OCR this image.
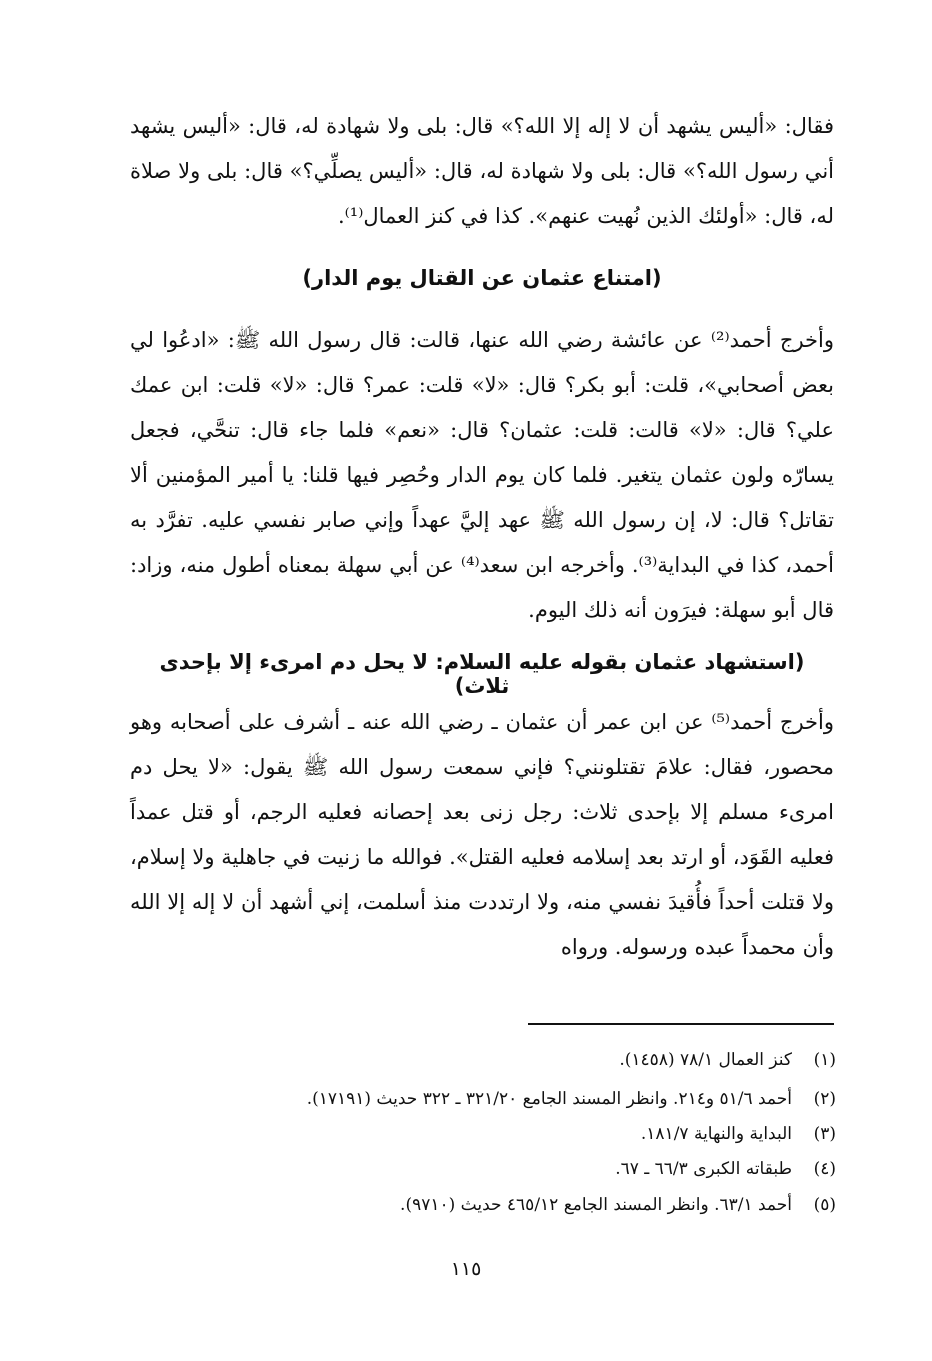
فقال: «أليس يشهد أن لا إله إلا الله؟» قال: بلى ولا شهادة له، قال: «أليس يشهد أني رسول الله؟» قال: بلى ولا شهادة له، قال: «أليس يصلِّي؟» قال: بلى ولا صلاة له، قال: «أولئك الذين نُهيت عنهم». كذا في كنز العمال⁽¹⁾.

(امتناع عثمان عن القتال يوم الدار)

وأخرج أحمد⁽²⁾ عن عائشة رضي الله عنها، قالت: قال رسول الله ﷺ: «ادعُوا لي بعض أصحابي»، قلت: أبو بكر؟ قال: «لا» قلت: عمر؟ قال: «لا» قلت: ابن عمك علي؟ قال: «لا» قالت: قلت: عثمان؟ قال: «نعم» فلما جاء قال: تنحَّي، فجعل يسارّه ولون عثمان يتغير. فلما كان يوم الدار وحُصِر فيها قلنا: يا أمير المؤمنين ألا تقاتل؟ قال: لا، إن رسول الله ﷺ عهد إليَّ عهداً وإني صابر نفسي عليه. تفرَّد به أحمد، كذا في البداية⁽³⁾. وأخرجه ابن سعد⁽⁴⁾ عن أبي سهلة بمعناه أطول منه، وزاد: قال أبو سهلة: فيرَون أنه ذلك اليوم.

(استشهاد عثمان بقوله عليه السلام: لا يحل دم امرىء إلا بإحدى ثلاث)

وأخرج أحمد⁽⁵⁾ عن ابن عمر أن عثمان ـ رضي الله عنه ـ أشرف على أصحابه وهو محصور، فقال: علامَ تقتلونني؟ فإني سمعت رسول الله ﷺ يقول: «لا يحل دم امرىء مسلم إلا بإحدى ثلاث: رجل زنى بعد إحصانه فعليه الرجم، أو قتل عمداً فعليه القَوَد، أو ارتد بعد إسلامه فعليه القتل». فوالله ما زنيت في جاهلية ولا إسلام، ولا قتلت أحداً فأُقيدَ نفسي منه، ولا ارتددت منذ أسلمت، إني أشهد أن لا إله إلا الله وأن محمداً عبده ورسوله. ورواه

(١)كنز العمال ٧٨/١ (١٤٥٨).
(٢)أحمد ٥١/٦ و٢١٤. وانظر المسند الجامع ٣٢١/٢٠ ـ ٣٢٢ حديث (١٧١٩١).
(٣)البداية والنهاية ١٨١/٧.
(٤)طبقاته الكبرى ٦٦/٣ ـ ٦٧.
(٥)أحمد ٦٣/١. وانظر المسند الجامع ٤٦٥/١٢ حديث (٩٧١٠).
١١٥
